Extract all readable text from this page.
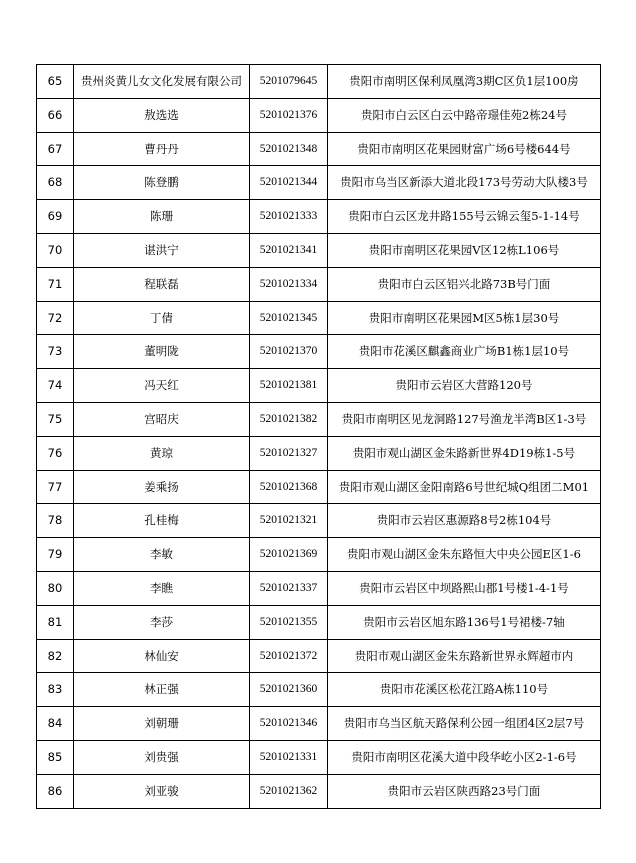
65	贵州炎黄儿女文化发展有限公司	5201079645	贵阳市南明区保利凤凰湾3期C区负1层100房
66	敖选选	5201021376	贵阳市白云区白云中路帝璟佳苑2栋24号
67	曹丹丹	5201021348	贵阳市南明区花果园财富广场6号楼644号
68	陈登鹏	5201021344	贵阳市乌当区新添大道北段173号劳动大队楼3号
69	陈珊	5201021333	贵阳市白云区龙井路155号云锦云玺5-1-14号
70	谌洪宁	5201021341	贵阳市南明区花果园V区12栋L106号
71	程联磊	5201021334	贵阳市白云区铝兴北路73B号门面
72	丁倩	5201021345	贵阳市南明区花果园M区5栋1层30号
73	董明陇	5201021370	贵阳市花溪区麒鑫商业广场B1栋1层10号
74	冯天红	5201021381	贵阳市云岩区大营路120号
75	宫昭庆	5201021382	贵阳市南明区见龙洞路127号渔龙半湾B区1-3号
76	黄琼	5201021327	贵阳市观山湖区金朱路新世界4D19栋1-5号
77	姜乘扬	5201021368	贵阳市观山湖区金阳南路6号世纪城Q组团二M01
78	孔桂梅	5201021321	贵阳市云岩区惠源路8号2栋104号
79	李敏	5201021369	贵阳市观山湖区金朱东路恒大中央公园E区1-6
80	李瞧	5201021337	贵阳市云岩区中坝路熙山郡1号楼1-4-1号
81	李莎	5201021355	贵阳市云岩区旭东路136号1号裙楼-7轴
82	林仙安	5201021372	贵阳市观山湖区金朱东路新世界永辉超市内
83	林正强	5201021360	贵阳市花溪区松花江路A栋110号
84	刘朝珊	5201021346	贵阳市乌当区航天路保利公园一组团4区2层7号
85	刘贵强	5201021331	贵阳市南明区花溪大道中段华屹小区2-1-6号
86	刘亚骏	5201021362	贵阳市云岩区陕西路23号门面
